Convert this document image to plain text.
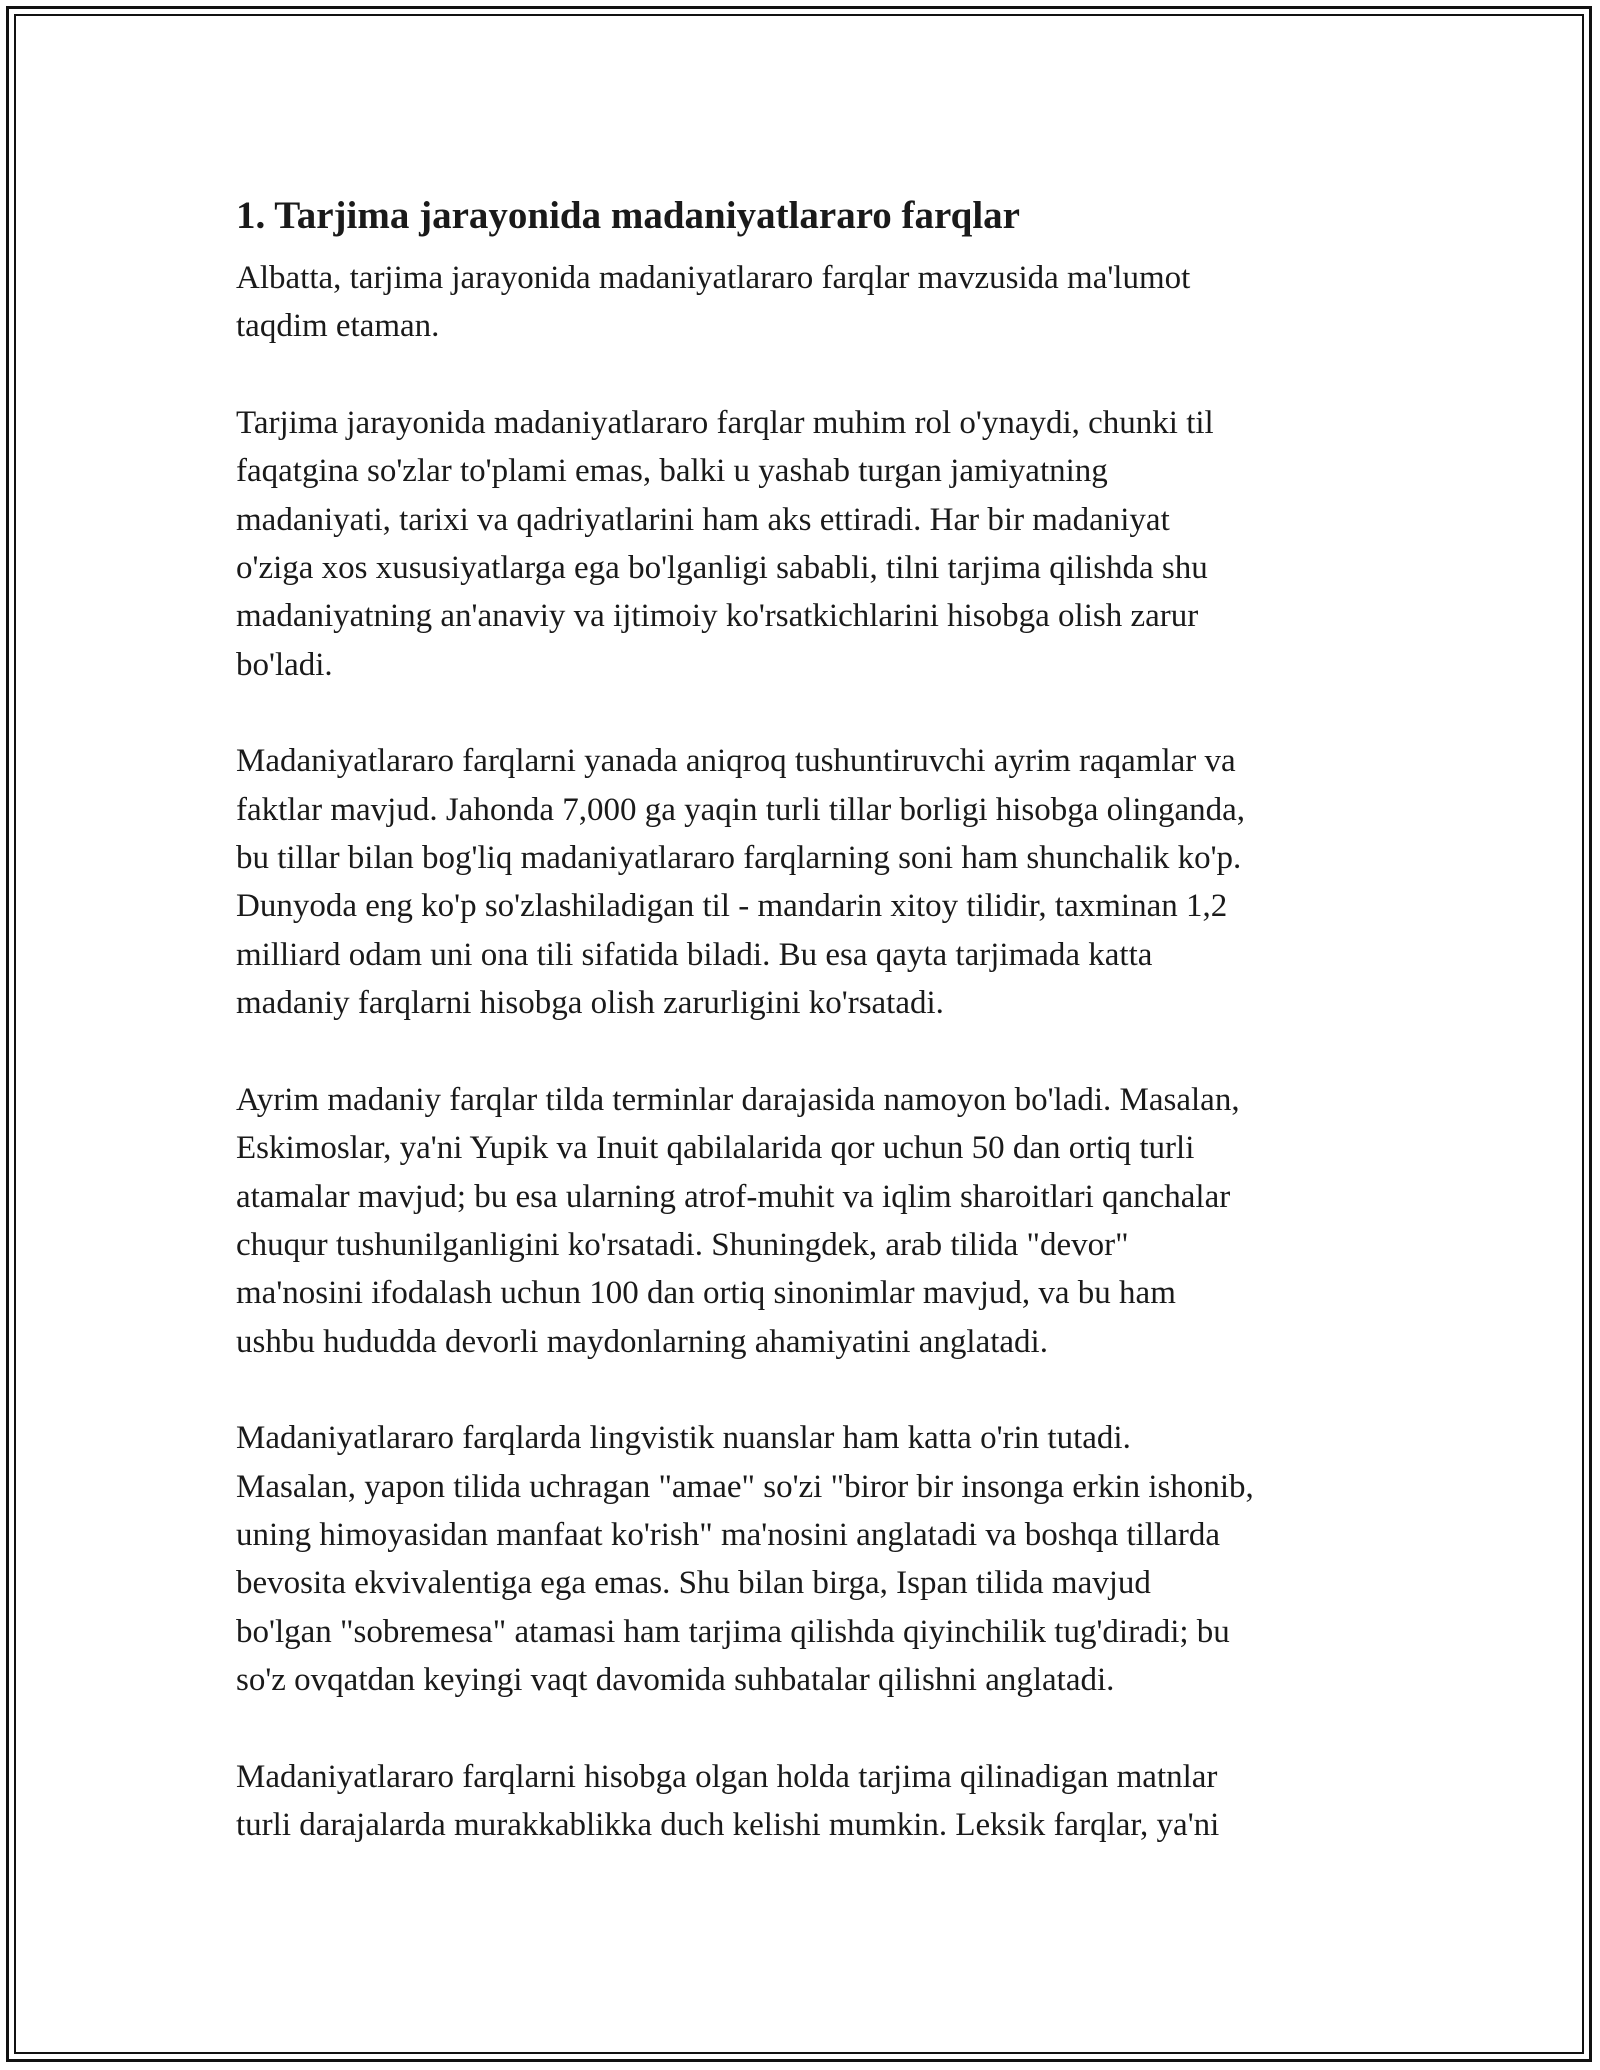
1. Tarjima jarayonida madaniyatlararo farqlar

Albatta, tarjima jarayonida madaniyatlararo farqlar mavzusida ma'lumot
taqdim etaman.

Tarjima jarayonida madaniyatlararo farqlar muhim rol o'ynaydi, chunki til
faqatgina so'zlar to'plami emas, balki u yashab turgan jamiyatning
madaniyati, tarixi va qadriyatlarini ham aks ettiradi. Har bir madaniyat
o'ziga xos xususiyatlarga ega bo'lganligi sababli, tilni tarjima qilishda shu
madaniyatning an'anaviy va ijtimoiy ko'rsatkichlarini hisobga olish zarur
bo'ladi.

Madaniyatlararo farqlarni yanada aniqroq tushuntiruvchi ayrim raqamlar va
faktlar mavjud. Jahonda 7,000 ga yaqin turli tillar borligi hisobga olinganda,
bu tillar bilan bog'liq madaniyatlararo farqlarning soni ham shunchalik ko'p.
Dunyoda eng ko'p so'zlashiladigan til - mandarin xitoy tilidir, taxminan 1,2
milliard odam uni ona tili sifatida biladi. Bu esa qayta tarjimada katta
madaniy farqlarni hisobga olish zarurligini ko'rsatadi.

Ayrim madaniy farqlar tilda terminlar darajasida namoyon bo'ladi. Masalan,
Eskimoslar, ya'ni Yupik va Inuit qabilalarida qor uchun 50 dan ortiq turli
atamalar mavjud; bu esa ularning atrof-muhit va iqlim sharoitlari qanchalar
chuqur tushunilganligini ko'rsatadi. Shuningdek, arab tilida "devor"
ma'nosini ifodalash uchun 100 dan ortiq sinonimlar mavjud, va bu ham
ushbu hududda devorli maydonlarning ahamiyatini anglatadi.

Madaniyatlararo farqlarda lingvistik nuanslar ham katta o'rin tutadi.
Masalan, yapon tilida uchragan "amae" so'zi "biror bir insonga erkin ishonib,
uning himoyasidan manfaat ko'rish" ma'nosini anglatadi va boshqa tillarda
bevosita ekvivalentiga ega emas. Shu bilan birga, Ispan tilida mavjud
bo'lgan "sobremesa" atamasi ham tarjima qilishda qiyinchilik tug'diradi; bu
so'z ovqatdan keyingi vaqt davomida suhbatalar qilishni anglatadi.

Madaniyatlararo farqlarni hisobga olgan holda tarjima qilinadigan matnlar
turli darajalarda murakkablikka duch kelishi mumkin. Leksik farqlar, ya'ni
